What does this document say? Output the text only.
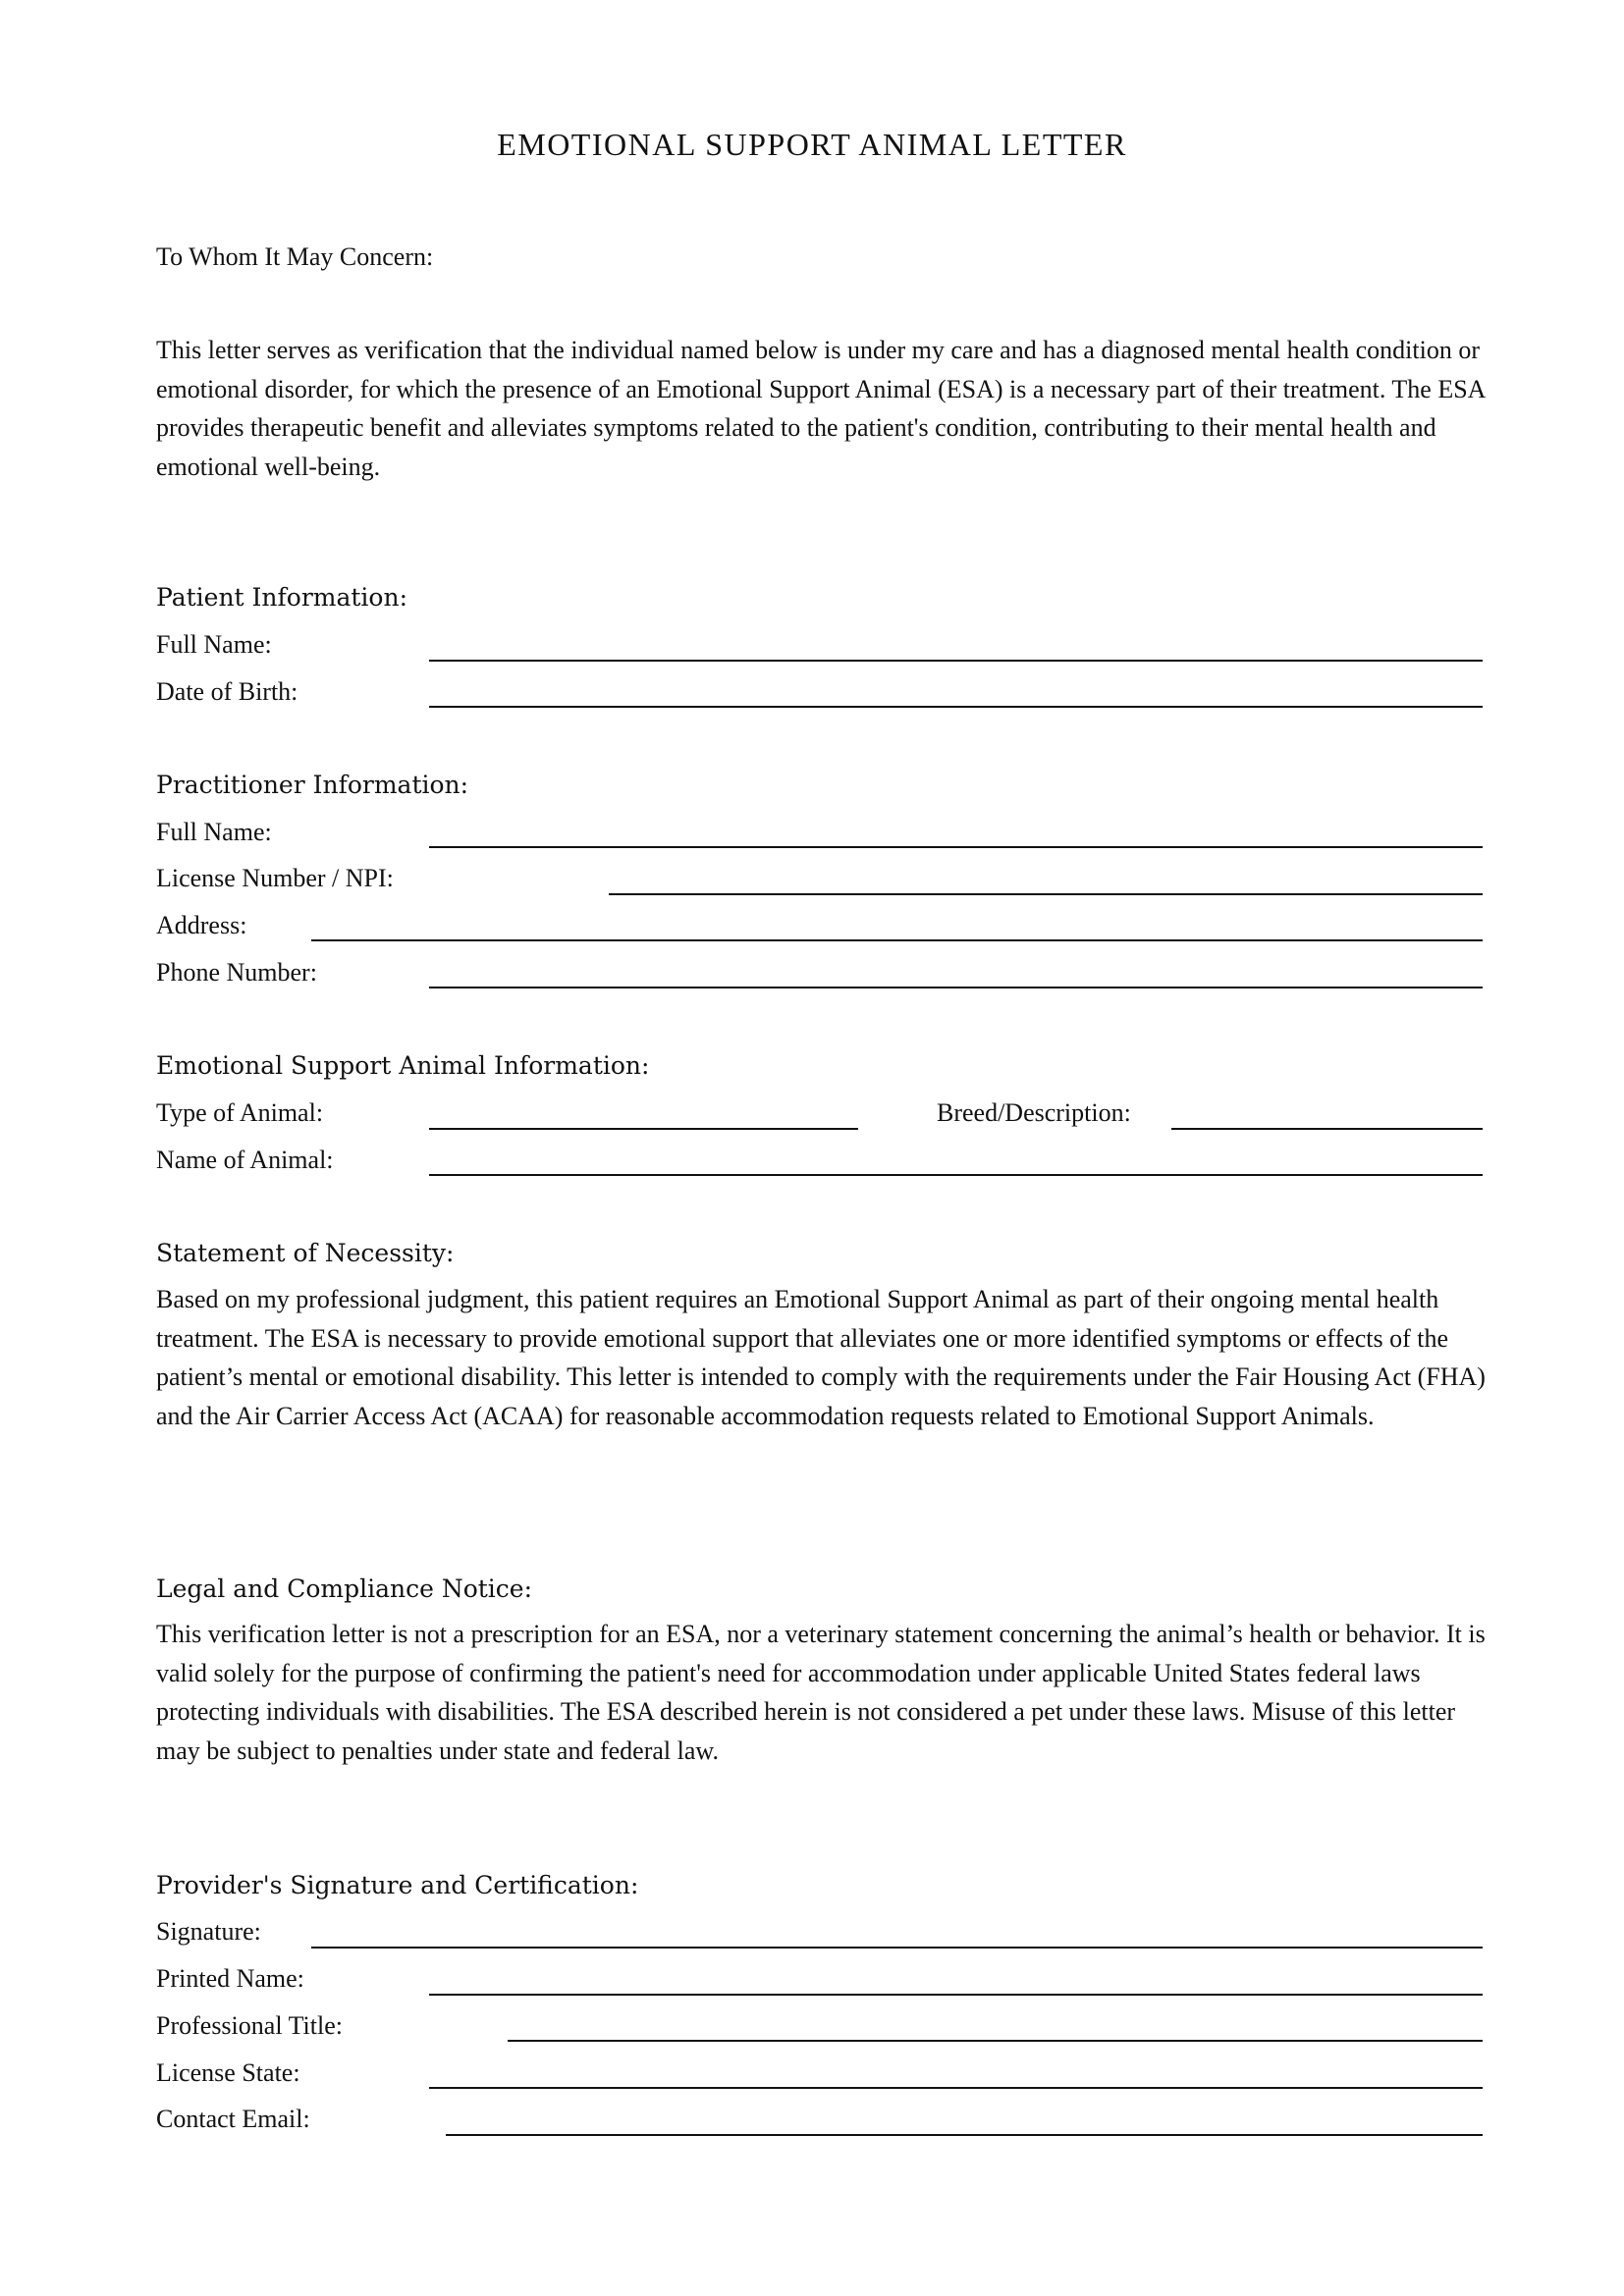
EMOTIONAL SUPPORT ANIMAL LETTER
To Whom It May Concern:
This letter serves as verification that the individual named below is under my care and has a diagnosed mental health condition or emotional disorder, for which the presence of an Emotional Support Animal (ESA) is a necessary part of their treatment. The ESA provides therapeutic benefit and alleviates symptoms related to the patient's condition, contributing to their mental health and emotional well-being.
Patient Information:
Full Name:
Date of Birth:
Practitioner Information:
Full Name:
License Number / NPI:
Address:
Phone Number:
Emotional Support Animal Information:
Type of Animal:	Breed/Description:
Name of Animal:
Statement of Necessity:
Based on my professional judgment, this patient requires an Emotional Support Animal as part of their ongoing mental health treatment. The ESA is necessary to provide emotional support that alleviates one or more identified symptoms or effects of the patient’s mental or emotional disability. This letter is intended to comply with the requirements under the Fair Housing Act (FHA) and the Air Carrier Access Act (ACAA) for reasonable accommodation requests related to Emotional Support Animals.
Legal and Compliance Notice:
This verification letter is not a prescription for an ESA, nor a veterinary statement concerning the animal’s health or behavior. It is valid solely for the purpose of confirming the patient's need for accommodation under applicable United States federal laws protecting individuals with disabilities. The ESA described herein is not considered a pet under these laws. Misuse of this letter may be subject to penalties under state and federal law.
Provider's Signature and Certification:
Signature:
Printed Name:
Professional Title:
License State:
Contact Email:
